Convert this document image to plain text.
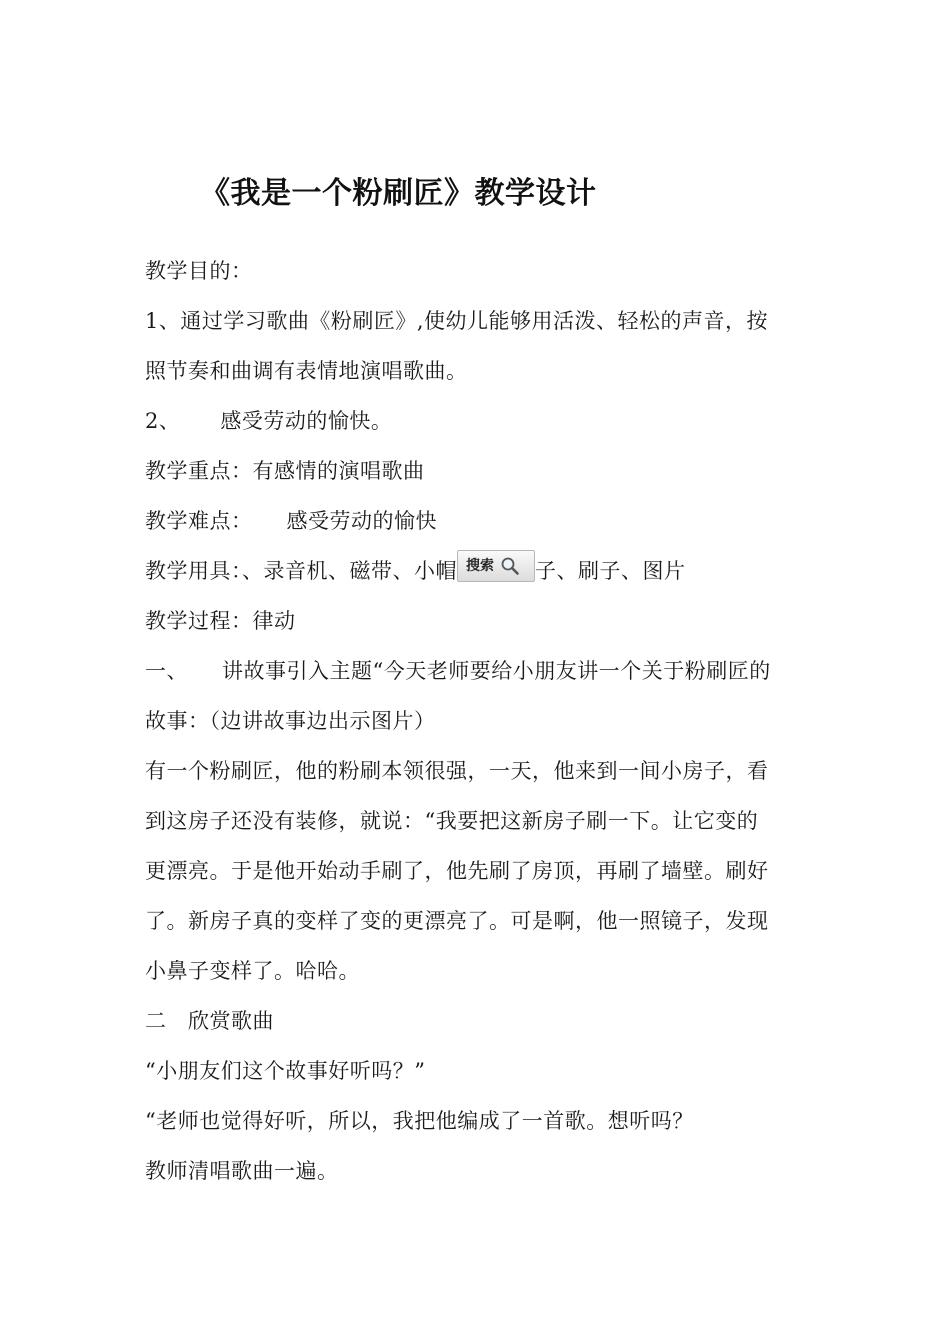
《我是一个粉刷匠》教学设计
教学目的：
1、通过学习歌曲《粉刷匠》,使幼儿能够用活泼、轻松的声音，按
照节奏和曲调有表情地演唱歌曲。
2、 感受劳动的愉快。
教学重点：有感情的演唱歌曲
教学难点： 感受劳动的愉快
教学用具：、录音机、磁带、小帽 搜索 子、刷子、图片
教学过程：律动
一、 讲故事引入主题“今天老师要给小朋友讲一个关于粉刷匠的
故事：（边讲故事边出示图片）
有一个粉刷匠，他的粉刷本领很强，一天，他来到一间小房子，看
到这房子还没有装修，就说：“我要把这新房子刷一下。让它变的
更漂亮。于是他开始动手刷了，他先刷了房顶，再刷了墙壁。刷好
了。新房子真的变样了变的更漂亮了。可是啊，他一照镜子，发现
小鼻子变样了。哈哈。
二　欣赏歌曲
“小朋友们这个故事好听吗？”
“老师也觉得好听，所以，我把他编成了一首歌。想听吗？
教师清唱歌曲一遍。
